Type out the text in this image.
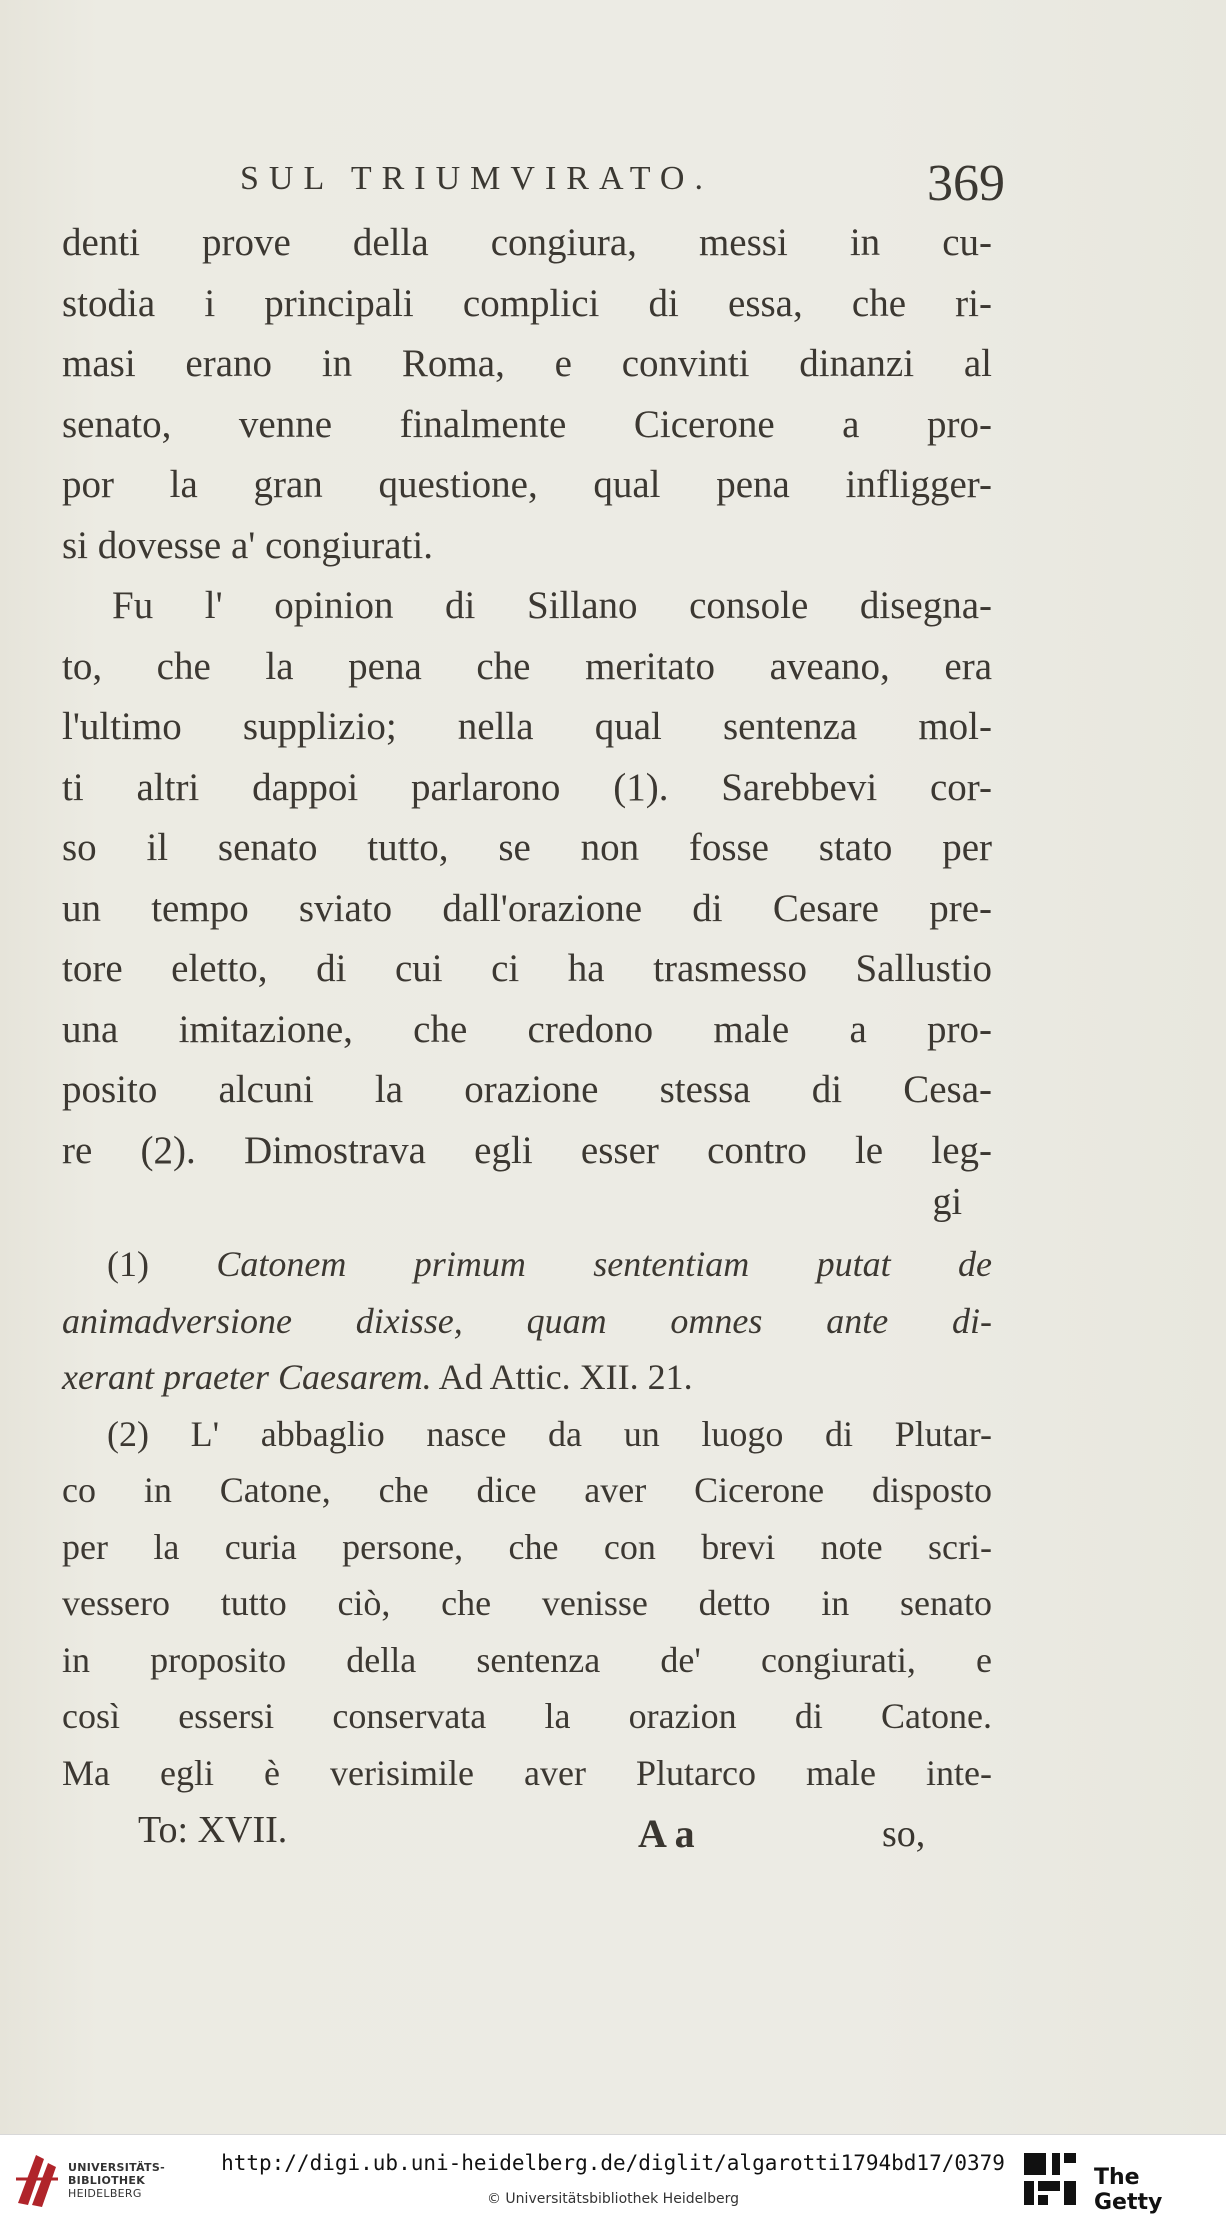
SUL TRIUMVIRATO.	369
denti prove della congiura, messi in cu-
stodia i principali complici di essa, che ri-
masi erano in Roma, e convinti dinanzi al
senato, venne finalmente Cicerone a pro-
por la gran questione, qual pena infligger-
si dovesse a' congiurati.
Fu l' opinion di Sillano console disegna-
to, che la pena che meritato aveano, era
l'ultimo supplizio; nella qual sentenza mol-
ti altri dappoi parlarono (1). Sarebbevi cor-
so il senato tutto, se non fosse stato per
un tempo sviato dall'orazione di Cesare pre-
tore eletto, di cui ci ha trasmesso Sallustio
una imitazione, che credono male a pro-
posito alcuni la orazione stessa di Cesa-
re (2). Dimostrava egli esser contro le leg-
gi
(1) Catonem primum sententiam putat de
animadversione dixisse, quam omnes ante di-
xerant praeter Caesarem. Ad Attic. XII. 21.
(2) L' abbaglio nasce da un luogo di Plutar-
co in Catone, che dice aver Cicerone disposto
per la curia persone, che con brevi note scri-
vessero tutto ciò, che venisse detto in senato
in proposito della sentenza de' congiurati, e
così essersi conservata la orazion di Catone.
Ma egli è verisimile aver Plutarco male inte-
To: XVII.	A a	so,
UNIVERSITÄTS-
BIBLIOTHEK
HEIDELBERG
http://digi.ub.uni-heidelberg.de/diglit/algarotti1794bd17/0379
© Universitätsbibliothek Heidelberg
The Getty
